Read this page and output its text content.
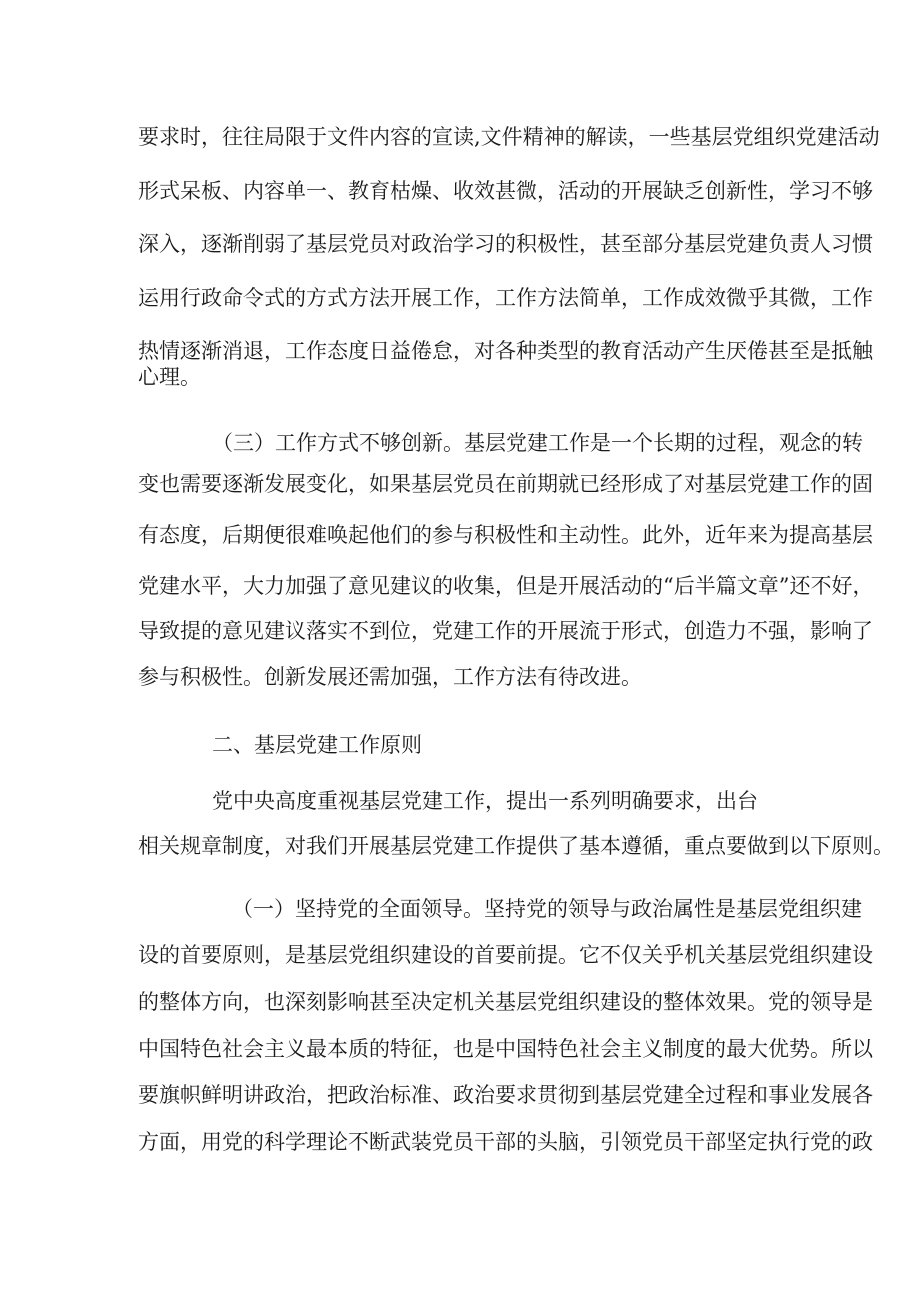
要求时，往往局限于文件内容的宣读,文件精神的解读，一些基层党组织党建活动
形式呆板、内容单一、教育枯燥、收效甚微，活动的开展缺乏创新性，学习不够
深入，逐渐削弱了基层党员对政治学习的积极性，甚至部分基层党建负责人习惯
运用行政命令式的方式方法开展工作，工作方法简单，工作成效微乎其微，工作
热情逐渐消退，工作态度日益倦怠，对各种类型的教育活动产生厌倦甚至是抵触
心理。
（三）工作方式不够创新。基层党建工作是一个长期的过程，观念的转
变也需要逐渐发展变化，如果基层党员在前期就已经形成了对基层党建工作的固
有态度，后期便很难唤起他们的参与积极性和主动性。此外，近年来为提高基层
党建水平，大力加强了意见建议的收集，但是开展活动的“后半篇文章”还不好，
导致提的意见建议落实不到位，党建工作的开展流于形式，创造力不强，影响了
参与积极性。创新发展还需加强，工作方法有待改进。
二、基层党建工作原则
党中央高度重视基层党建工作，提出一系列明确要求，出台
相关规章制度，对我们开展基层党建工作提供了基本遵循，重点要做到以下原则。
（一）坚持党的全面领导。坚持党的领导与政治属性是基层党组织建
设的首要原则，是基层党组织建设的首要前提。它不仅关乎机关基层党组织建设
的整体方向，也深刻影响甚至决定机关基层党组织建设的整体效果。党的领导是
中国特色社会主义最本质的特征，也是中国特色社会主义制度的最大优势。所以
要旗帜鲜明讲政治，把政治标准、政治要求贯彻到基层党建全过程和事业发展各
方面，用党的科学理论不断武装党员干部的头脑，引领党员干部坚定执行党的政
